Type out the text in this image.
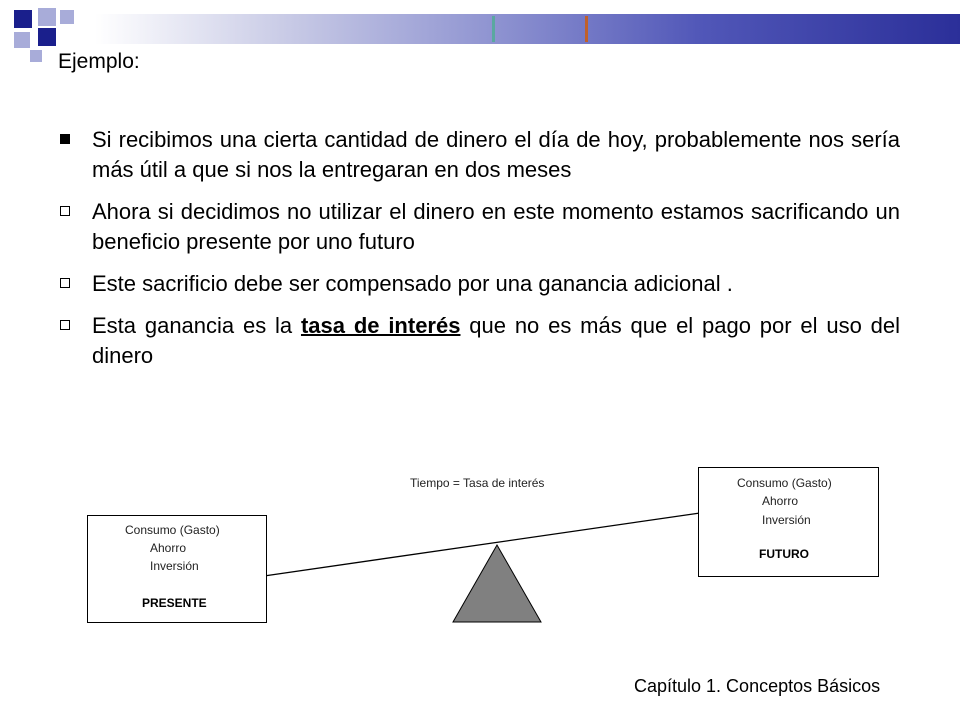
Ejemplo:
Si recibimos una cierta cantidad de dinero el día de hoy, probablemente nos sería más útil a que si nos la entregaran en dos meses
Ahora si decidimos no utilizar el dinero en este momento estamos sacrificando un beneficio presente por uno futuro
Este sacrificio debe ser compensado por una ganancia adicional .
Esta ganancia es la tasa de interés que no es más que el pago por el uso del dinero
Tiempo = Tasa de interés
Consumo (Gasto)
Ahorro
Inversión
PRESENTE
Consumo (Gasto)
Ahorro
Inversión
FUTURO
Capítulo 1. Conceptos Básicos
